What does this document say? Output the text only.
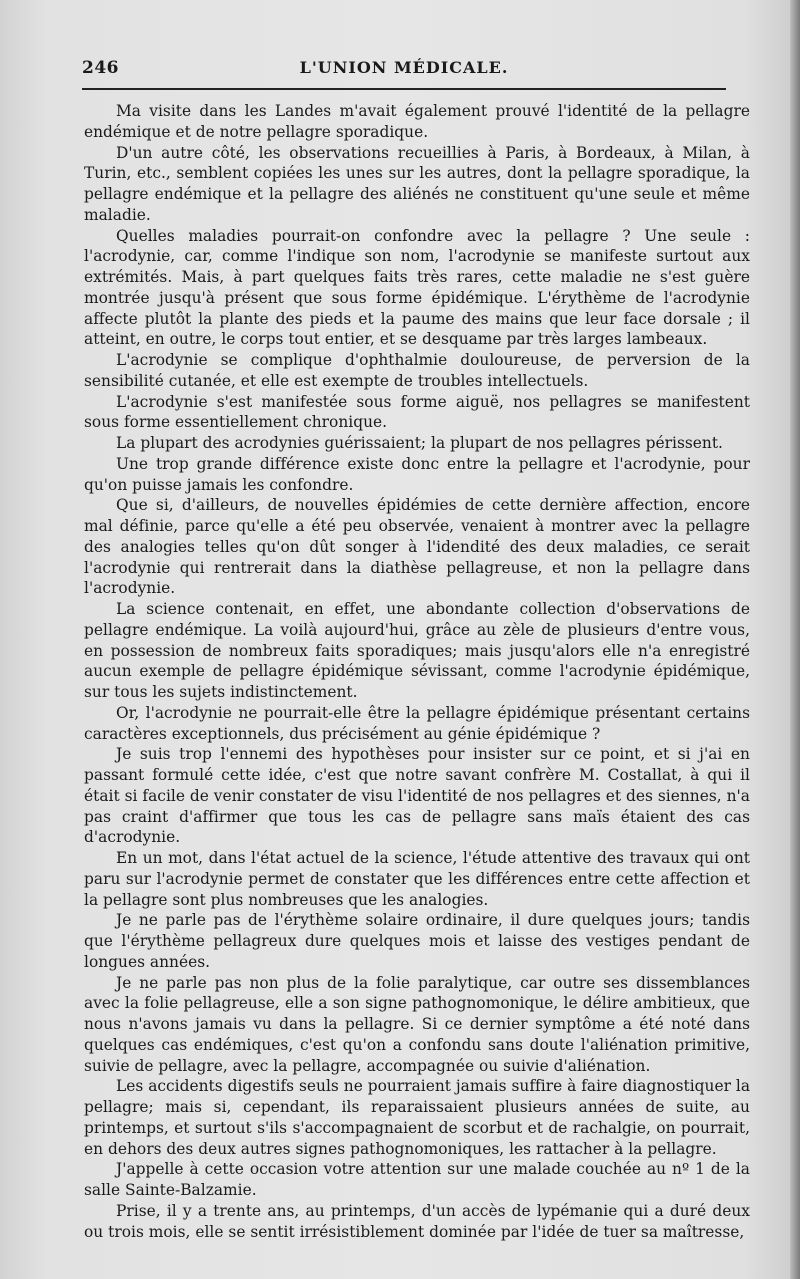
246	L'UNION MÉDICALE.

Ma visite dans les Landes m'avait également prouvé l'identité de la pellagre endémique et de notre pellagre sporadique.

D'un autre côté, les observations recueillies à Paris, à Bordeaux, à Milan, à Turin, etc., semblent copiées les unes sur les autres, dont la pellagre sporadique, la pellagre endémique et la pellagre des aliénés ne constituent qu'une seule et même maladie.

Quelles maladies pourrait-on confondre avec la pellagre ? Une seule : l'acrodynie, car, comme l'indique son nom, l'acrodynie se manifeste surtout aux extrémités. Mais, à part quelques faits très rares, cette maladie ne s'est guère montrée jusqu'à présent que sous forme épidémique. L'érythème de l'acrodynie affecte plutôt la plante des pieds et la paume des mains que leur face dorsale ; il atteint, en outre, le corps tout entier, et se desquame par très larges lambeaux.

L'acrodynie se complique d'ophthalmie douloureuse, de perversion de la sensibilité cutanée, et elle est exempte de troubles intellectuels.

L'acrodynie s'est manifestée sous forme aiguë, nos pellagres se manifestent sous forme essentiellement chronique.

La plupart des acrodynies guérissaient; la plupart de nos pellagres périssent.

Une trop grande différence existe donc entre la pellagre et l'acrodynie, pour qu'on puisse jamais les confondre.

Que si, d'ailleurs, de nouvelles épidémies de cette dernière affection, encore mal définie, parce qu'elle a été peu observée, venaient à montrer avec la pellagre des analogies telles qu'on dût songer à l'idendité des deux maladies, ce serait l'acrodynie qui rentrerait dans la diathèse pellagreuse, et non la pellagre dans l'acrodynie.

La science contenait, en effet, une abondante collection d'observations de pellagre endémique. La voilà aujourd'hui, grâce au zèle de plusieurs d'entre vous, en possession de nombreux faits sporadiques; mais jusqu'alors elle n'a enregistré aucun exemple de pellagre épidémique sévissant, comme l'acrodynie épidémique, sur tous les sujets indistinctement.

Or, l'acrodynie ne pourrait-elle être la pellagre épidémique présentant certains caractères exceptionnels, dus précisément au génie épidémique ?

Je suis trop l'ennemi des hypothèses pour insister sur ce point, et si j'ai en passant formulé cette idée, c'est que notre savant confrère M. Costallat, à qui il était si facile de venir constater de visu l'identité de nos pellagres et des siennes, n'a pas craint d'affirmer que tous les cas de pellagre sans maïs étaient des cas d'acrodynie.

En un mot, dans l'état actuel de la science, l'étude attentive des travaux qui ont paru sur l'acrodynie permet de constater que les différences entre cette affection et la pellagre sont plus nombreuses que les analogies.

Je ne parle pas de l'érythème solaire ordinaire, il dure quelques jours; tandis que l'érythème pellagreux dure quelques mois et laisse des vestiges pendant de longues années.

Je ne parle pas non plus de la folie paralytique, car outre ses dissemblances avec la folie pellagreuse, elle a son signe pathognomonique, le délire ambitieux, que nous n'avons jamais vu dans la pellagre. Si ce dernier symptôme a été noté dans quelques cas endémiques, c'est qu'on a confondu sans doute l'aliénation primitive, suivie de pellagre, avec la pellagre, accompagnée ou suivie d'aliénation.

Les accidents digestifs seuls ne pourraient jamais suffire à faire diagnostiquer la pellagre; mais si, cependant, ils reparaissaient plusieurs années de suite, au printemps, et surtout s'ils s'accompagnaient de scorbut et de rachalgie, on pourrait, en dehors des deux autres signes pathognomoniques, les rattacher à la pellagre.

J'appelle à cette occasion votre attention sur une malade couchée au nº 1 de la salle Sainte-Balzamie.

Prise, il y a trente ans, au printemps, d'un accès de lypémanie qui a duré deux ou trois mois, elle se sentit irrésistiblement dominée par l'idée de tuer sa maîtresse,
